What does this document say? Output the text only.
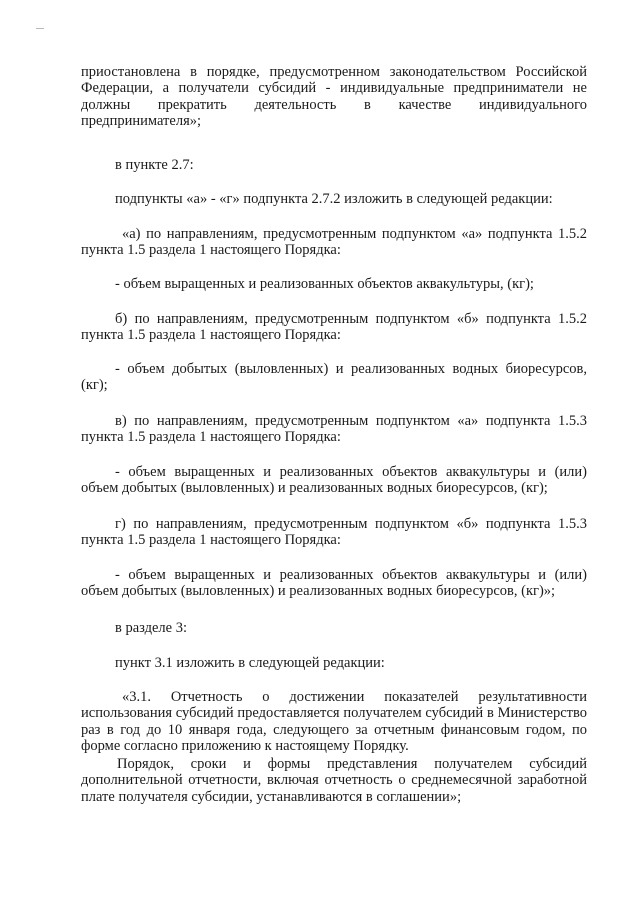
приостановлена в порядке, предусмотренном законодательством Российской Федерации, а получатели субсидий - индивидуальные предприниматели не должны прекратить деятельность в качестве индивидуального предпринимателя»;

в пункте 2.7:

подпункты «а» - «г» подпункта 2.7.2 изложить в следующей редакции:

«а) по направлениям, предусмотренным подпунктом «а» подпункта 1.5.2 пункта 1.5 раздела 1 настоящего Порядка:

- объем выращенных и реализованных объектов аквакультуры, (кг);

б) по направлениям, предусмотренным подпунктом «б» подпункта 1.5.2 пункта 1.5 раздела 1 настоящего Порядка:

- объем добытых (выловленных) и реализованных водных биоресурсов, (кг);

в) по направлениям, предусмотренным подпунктом «а» подпункта 1.5.3 пункта 1.5 раздела 1 настоящего Порядка:

- объем выращенных и реализованных объектов аквакультуры и (или) объем добытых (выловленных) и реализованных водных биоресурсов, (кг);

г) по направлениям, предусмотренным подпунктом «б» подпункта 1.5.3 пункта 1.5 раздела 1 настоящего Порядка:

- объем выращенных и реализованных объектов аквакультуры и (или) объем добытых (выловленных) и реализованных водных биоресурсов, (кг)»;

в разделе 3:

пункт 3.1 изложить в следующей редакции:

«3.1. Отчетность о достижении показателей результативности использования субсидий предоставляется получателем субсидий в Министерство раз в год до 10 января года, следующего за отчетным финансовым годом, по форме согласно приложению к настоящему Порядку.

Порядок, сроки и формы представления получателем субсидий дополнительной отчетности, включая отчетность о среднемесячной заработной плате получателя субсидии, устанавливаются в соглашении»;
